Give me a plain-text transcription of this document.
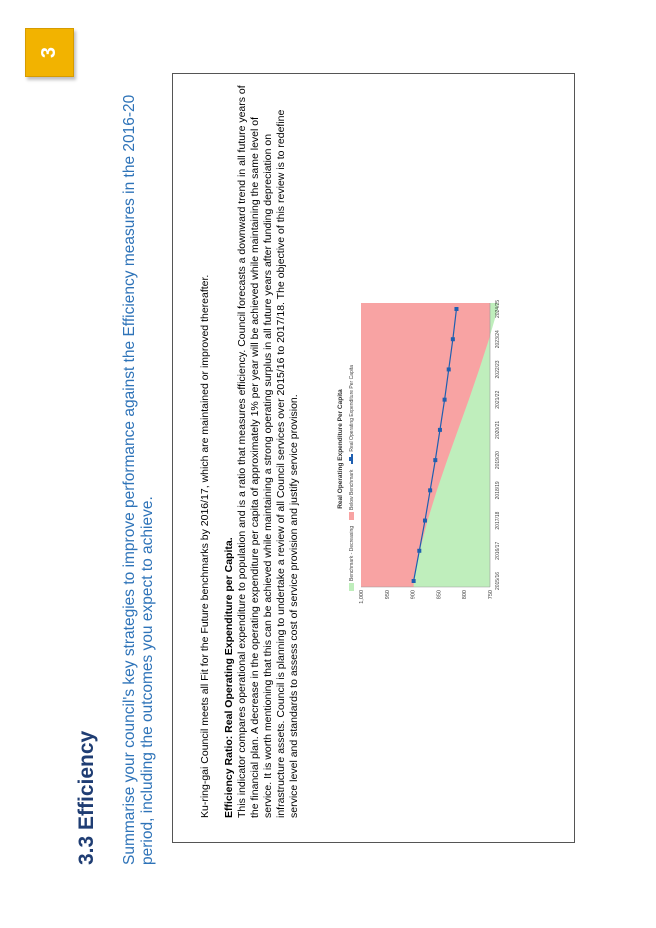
3
3.3 Efficiency Summarise your council's key strategies to improve performance against the Efficiency measures in the 2016-20 period, including the outcomes you expect to achieve.	Ku-ring-gai Council meets all Fit for the Future benchmarks by 2016/17, which are maintained or improved thereafter. Efficiency Ratio: Real Operating Expenditure per Capita. This indicator compares operational expenditure to population and is a ratio that measures efficiency. Council forecasts a downward trend in all future years of the financial plan. A decrease in the operating expenditure per capita of approximately 1% per year will be achieved while maintaining the same level of service. It is worth mentioning that this can be achieved while maintaining a strong operating surplus in all future years after funding depreciation on infrastructure assets. Council is planning to undertake a review of all Council services over 2015/16 to 2017/18. The objective of this review is to redefine service level and standards to assess cost of service provision and justify service provision.	Real Operating Expenditure Per Capita
Benchmark - Decreasing
Below Benchmark
Real Operating Expenditure Per Capita
750
800
850
900
950
1,000
2015/16
2016/17
2017/18
2018/19
2019/20
2020/21
2021/22
2022/23
2023/24
2024/25
